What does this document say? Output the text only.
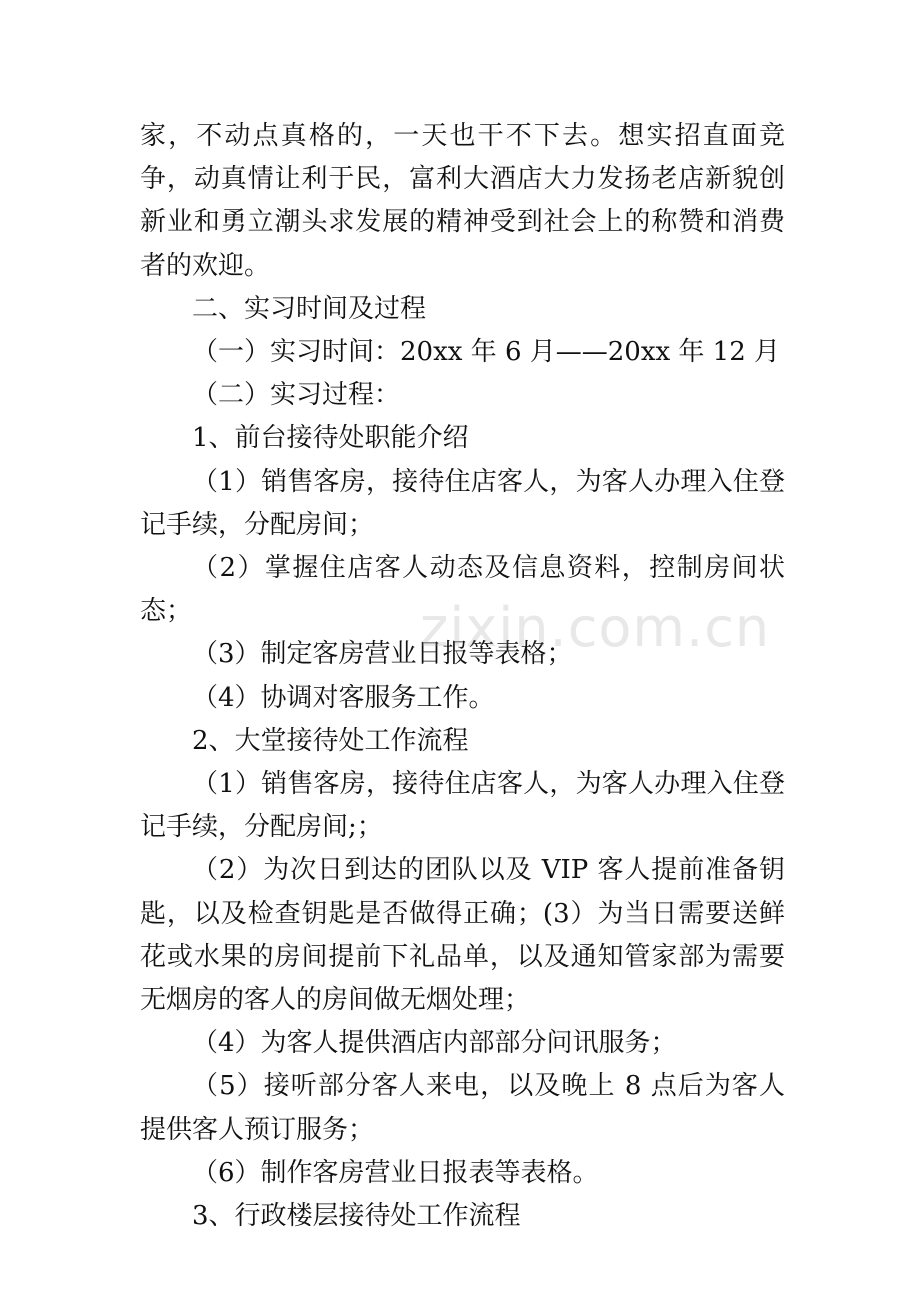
家，不动点真格的，一天也干不下去。想实招直面竞争，动真情让利于民，富利大酒店大力发扬老店新貌创新业和勇立潮头求发展的精神受到社会上的称赞和消费者的欢迎。

二、实习时间及过程

（一）实习时间：20xx 年 6 月——20xx 年 12 月

（二）实习过程：

1、前台接待处职能介绍

（1）销售客房，接待住店客人，为客人办理入住登记手续，分配房间；

（2）掌握住店客人动态及信息资料，控制房间状态；

（3）制定客房营业日报等表格；

（4）协调对客服务工作。

2、大堂接待处工作流程

（1）销售客房，接待住店客人，为客人办理入住登记手续，分配房间;；

（2）为次日到达的团队以及 VIP 客人提前准备钥匙，以及检查钥匙是否做得正确；(3）为当日需要送鲜花或水果的房间提前下礼品单，以及通知管家部为需要无烟房的客人的房间做无烟处理；

（4）为客人提供酒店内部部分问讯服务；

（5）接听部分客人来电，以及晚上 8 点后为客人提供客人预订服务；

（6）制作客房营业日报表等表格。

3、行政楼层接待处工作流程

zixin.com.cn
